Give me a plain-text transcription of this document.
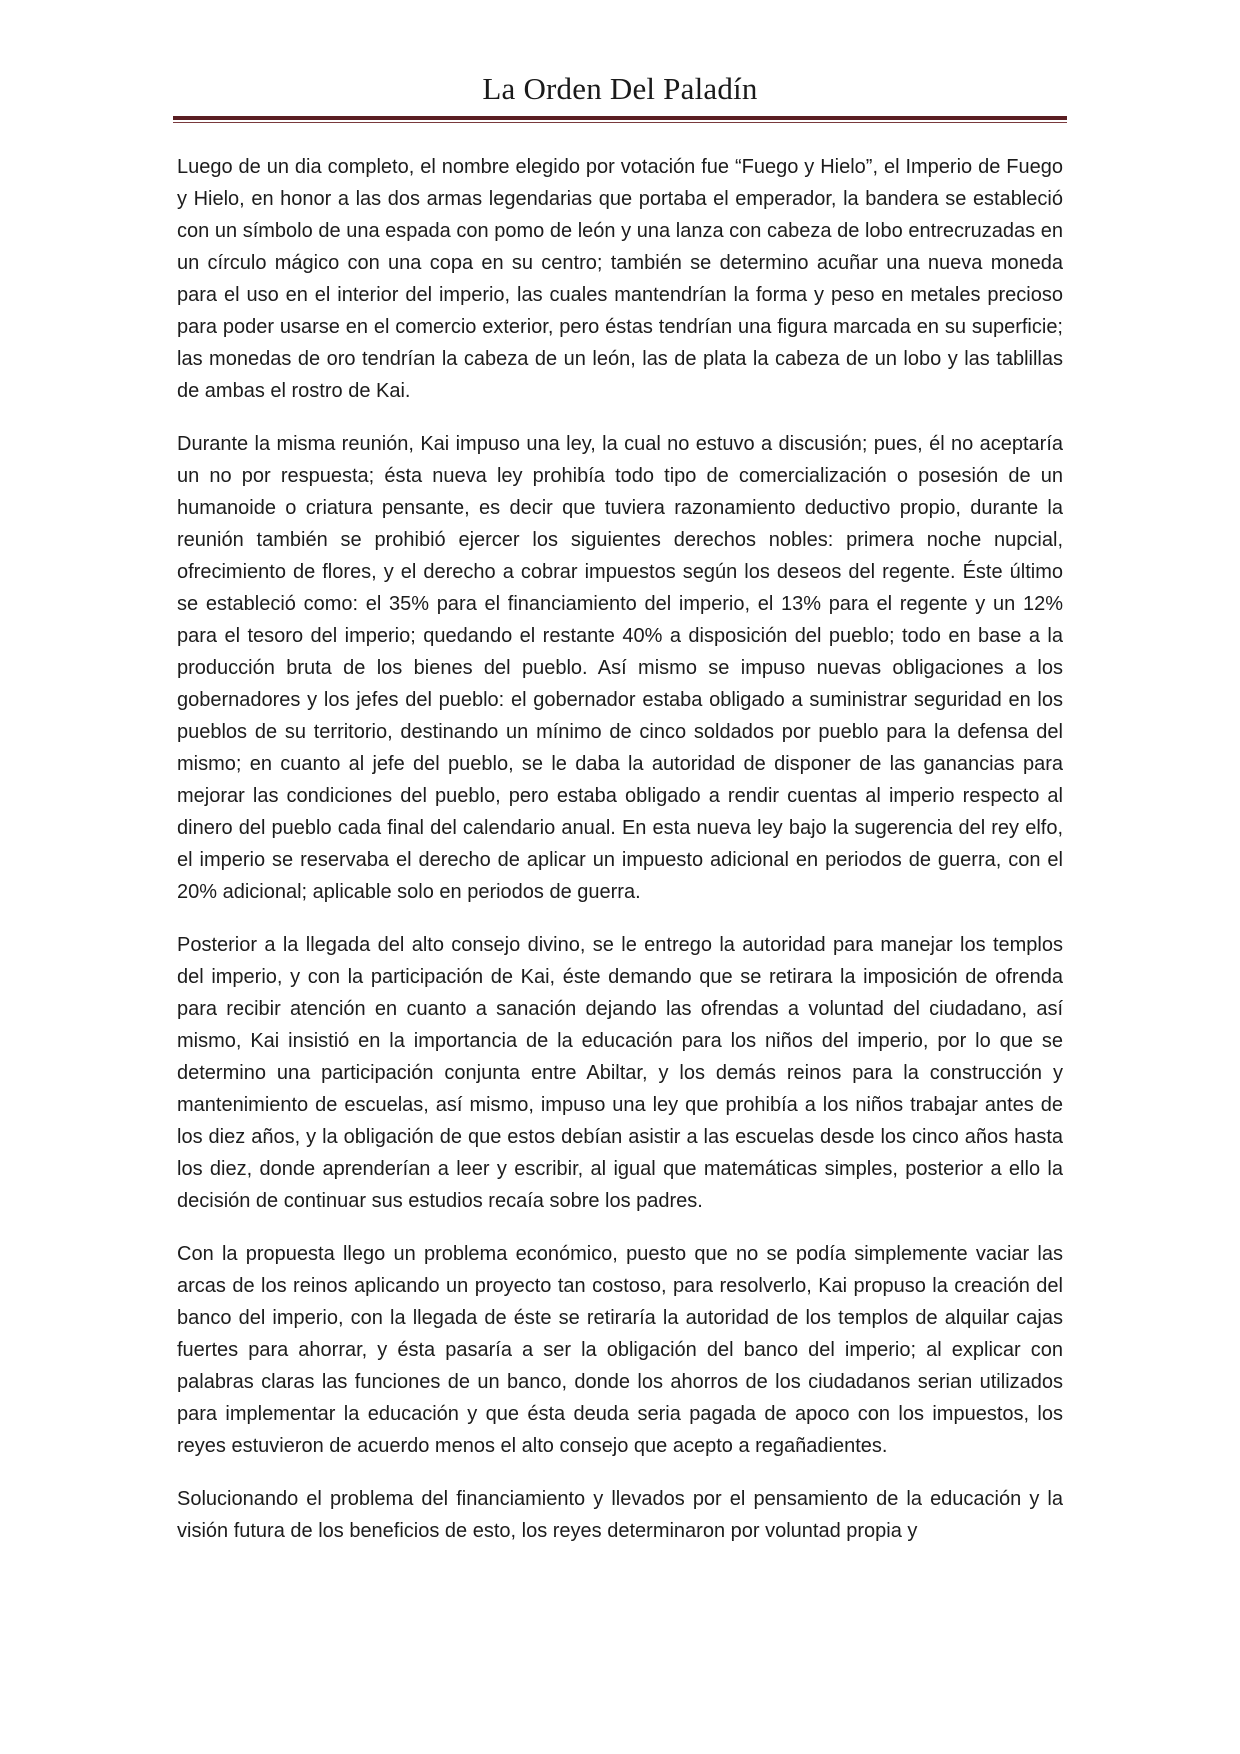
La Orden Del Paladín

Luego de un dia completo, el nombre elegido por votación fue “Fuego y Hielo”, el Imperio de Fuego y Hielo, en honor a las dos armas legendarias que portaba el emperador, la bandera se estableció con un símbolo de una espada con pomo de león y una lanza con cabeza de lobo entrecruzadas en un círculo mágico con una copa en su centro; también se determino acuñar una nueva moneda para el uso en el interior del imperio, las cuales mantendrían la forma y peso en metales precioso para poder usarse en el comercio exterior, pero éstas tendrían una figura marcada en su superficie; las monedas de oro tendrían la cabeza de un león, las de plata la cabeza de un lobo y las tablillas de ambas el rostro de Kai.

Durante la misma reunión, Kai impuso una ley, la cual no estuvo a discusión; pues, él no aceptaría un no por respuesta; ésta nueva ley prohibía todo tipo de comercialización o posesión de un humanoide o criatura pensante, es decir que tuviera razonamiento deductivo propio, durante la reunión también se prohibió ejercer los siguientes derechos nobles: primera noche nupcial, ofrecimiento de flores, y el derecho a cobrar impuestos según los deseos del regente. Éste último se estableció como: el 35% para el financiamiento del imperio, el 13% para el regente y un 12% para el tesoro del imperio; quedando el restante 40% a disposición del pueblo; todo en base a la producción bruta de los bienes del pueblo. Así mismo se impuso nuevas obligaciones a los gobernadores y los jefes del pueblo: el gobernador estaba obligado a suministrar seguridad en los pueblos de su territorio, destinando un mínimo de cinco soldados por pueblo para la defensa del mismo; en cuanto al jefe del pueblo, se le daba la autoridad de disponer de las ganancias para mejorar las condiciones del pueblo, pero estaba obligado a rendir cuentas al imperio respecto al dinero del pueblo cada final del calendario anual. En esta nueva ley bajo la sugerencia del rey elfo, el imperio se reservaba el derecho de aplicar un impuesto adicional en periodos de guerra, con el 20% adicional; aplicable solo en periodos de guerra.

Posterior a la llegada del alto consejo divino, se le entrego la autoridad para manejar los templos del imperio, y con la participación de Kai, éste demando que se retirara la imposición de ofrenda para recibir atención en cuanto a sanación dejando las ofrendas a voluntad del ciudadano, así mismo, Kai insistió en la importancia de la educación para los niños del imperio, por lo que se determino una participación conjunta entre Abiltar, y los demás reinos para la construcción y mantenimiento de escuelas, así mismo, impuso una ley que prohibía a los niños trabajar antes de los diez años, y la obligación de que estos debían asistir a las escuelas desde los cinco años hasta los diez, donde aprenderían a leer y escribir, al igual que matemáticas simples, posterior a ello la decisión de continuar sus estudios recaía sobre los padres.

Con la propuesta llego un problema económico, puesto que no se podía simplemente vaciar las arcas de los reinos aplicando un proyecto tan costoso, para resolverlo, Kai propuso la creación del banco del imperio, con la llegada de éste se retiraría la autoridad de los templos de alquilar cajas fuertes para ahorrar, y ésta pasaría a ser la obligación del banco del imperio; al explicar con palabras claras las funciones de un banco, donde los ahorros de los ciudadanos serian utilizados para implementar la educación y que ésta deuda seria pagada de apoco con los impuestos, los reyes estuvieron de acuerdo menos el alto consejo que acepto a regañadientes.

Solucionando el problema del financiamiento y llevados por el pensamiento de la educación y la visión futura de los beneficios de esto, los reyes determinaron por voluntad propia y
